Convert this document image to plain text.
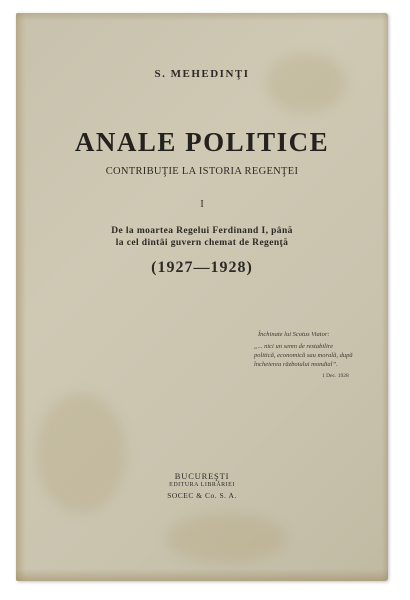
S. MEHEDINŢI
ANALE POLITICE
CONTRIBUŢIE LA ISTORIA REGENŢEI
I
De la moartea Regelui Ferdinand I, până
la cel dintâi guvern chemat de Regenţă
(1927—1928)
Închinate lui Scotus Viator:
„... nici un semn de restabilire
politică, economică sau morală, după
încheierea războiului mondial”.
1 Dec. 1928
BUCUREŞTI
EDITURA LIBRĂRIEI
SOCEC & Co. S. A.
